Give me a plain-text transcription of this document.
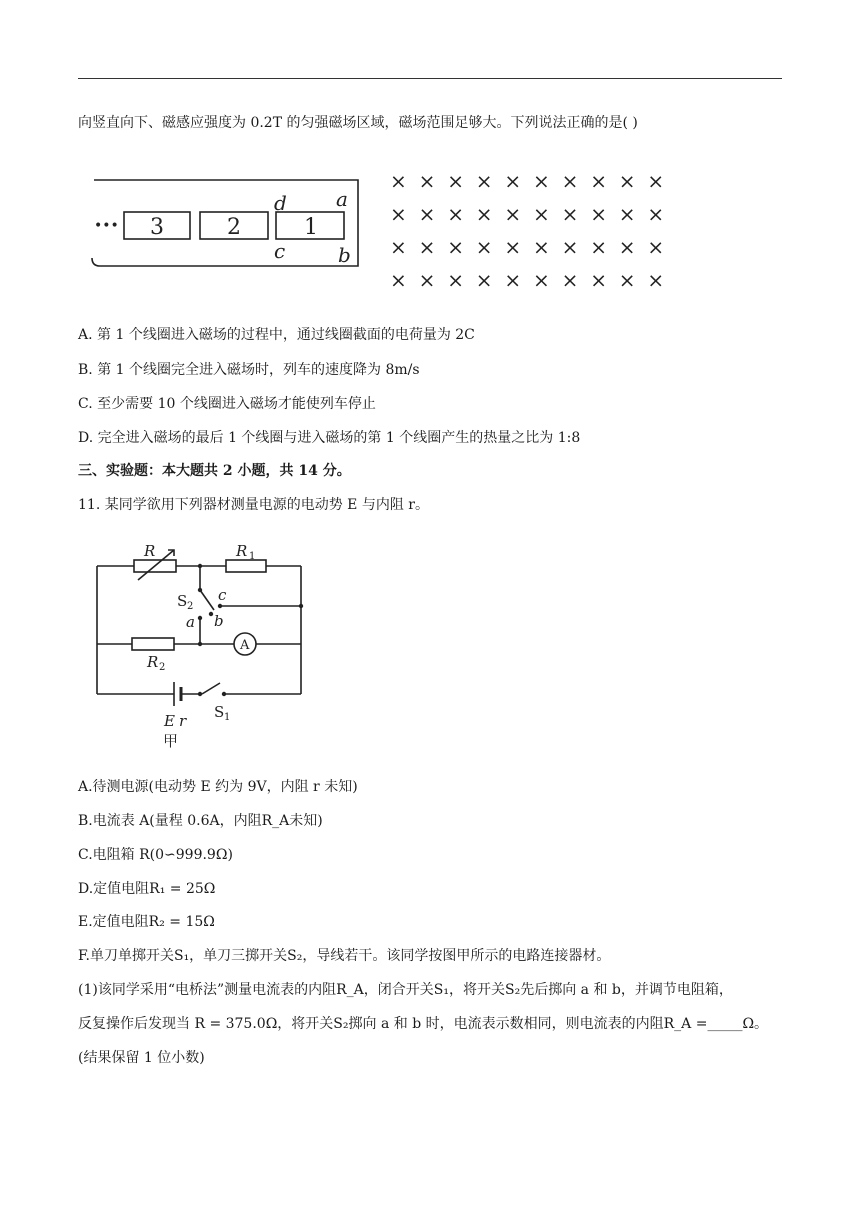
向竖直向下、磁感应强度为 0.2T 的匀强磁场区域，磁场范围足够大。下列说法正确的是( )
••• 3	2	1
d a
c	b
× × × × × × × × × ×
× × × × × × × × × ×
× × × × × × × × × ×
× × × × × × × × × ×
A. 第 1 个线圈进入磁场的过程中，通过线圈截面的电荷量为 2C
B. 第 1 个线圈完全进入磁场时，列车的速度降为 8m/s
C. 至少需要 10 个线圈进入磁场才能使列车停止
D. 完全进入磁场的最后 1 个线圈与进入磁场的第 1 个线圈产生的热量之比为 1:8
三、实验题：本大题共 2 小题，共 14 分。
11. 某同学欲用下列器材测量电源的电动势 E 与内阻 r。
R	R 1
R 2
S 2
c
a b
A
S 1
E r
甲
A.待测电源(电动势 E 约为 9V，内阻 r 未知)
B.电流表 A(量程 0.6A，内阻R_A未知)
C.电阻箱 R(0∽999.9Ω)
D.定值电阻R₁ = 25Ω
E.定值电阻R₂ = 15Ω
F.单刀单掷开关S₁，单刀三掷开关S₂，导线若干。该同学按图甲所示的电路连接器材。
(1)该同学采用“电桥法”测量电流表的内阻R_A，闭合开关S₁，将开关S₂先后掷向 a 和 b，并调节电阻箱，
反复操作后发现当 R = 375.0Ω，将开关S₂掷向 a 和 b 时，电流表示数相同，则电流表的内阻R_A =_____Ω。
(结果保留 1 位小数)
